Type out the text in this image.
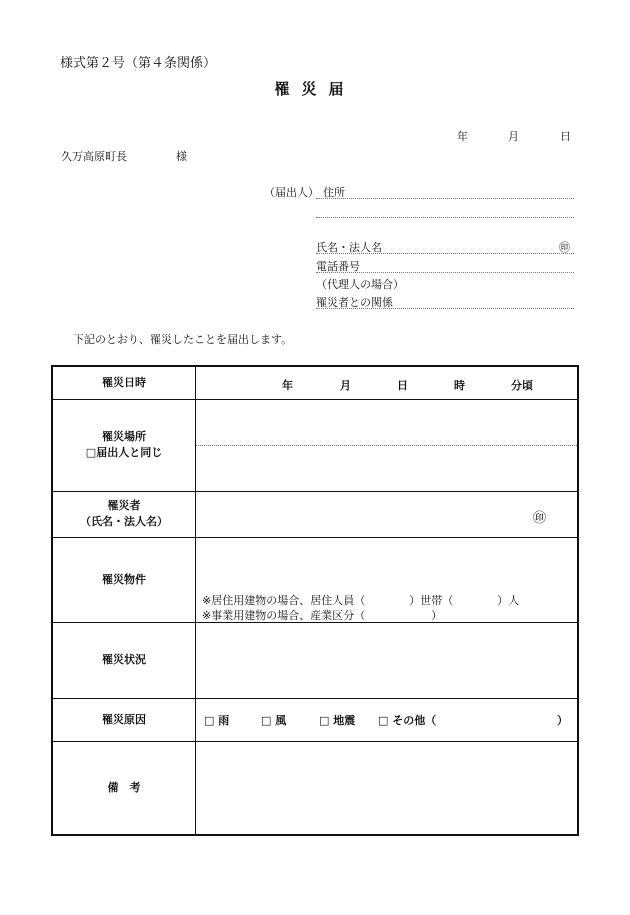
様式第２号（第４条関係）
罹災届
年	月	日
久万高原町長	様
（届出人） 住所
氏名・法人名	㊞
電話番号
（代理人の場合）
罹災者との関係
下記のとおり、罹災したことを届出します。
罹災日時	年 月 日 時 分頃

罹災場所
□届出人と同じ	

罹災者
（氏名・法人名）	㊞

罹災物件	※居住用建物の場合、居住人員（　　　　）世帯（　　　　）人
※事業用建物の場合、産業区分（　　　　　　）

罹災状況	
罹災原因	□ 雨 □ 風 □ 地震 □ その他（ ）

備　考	
